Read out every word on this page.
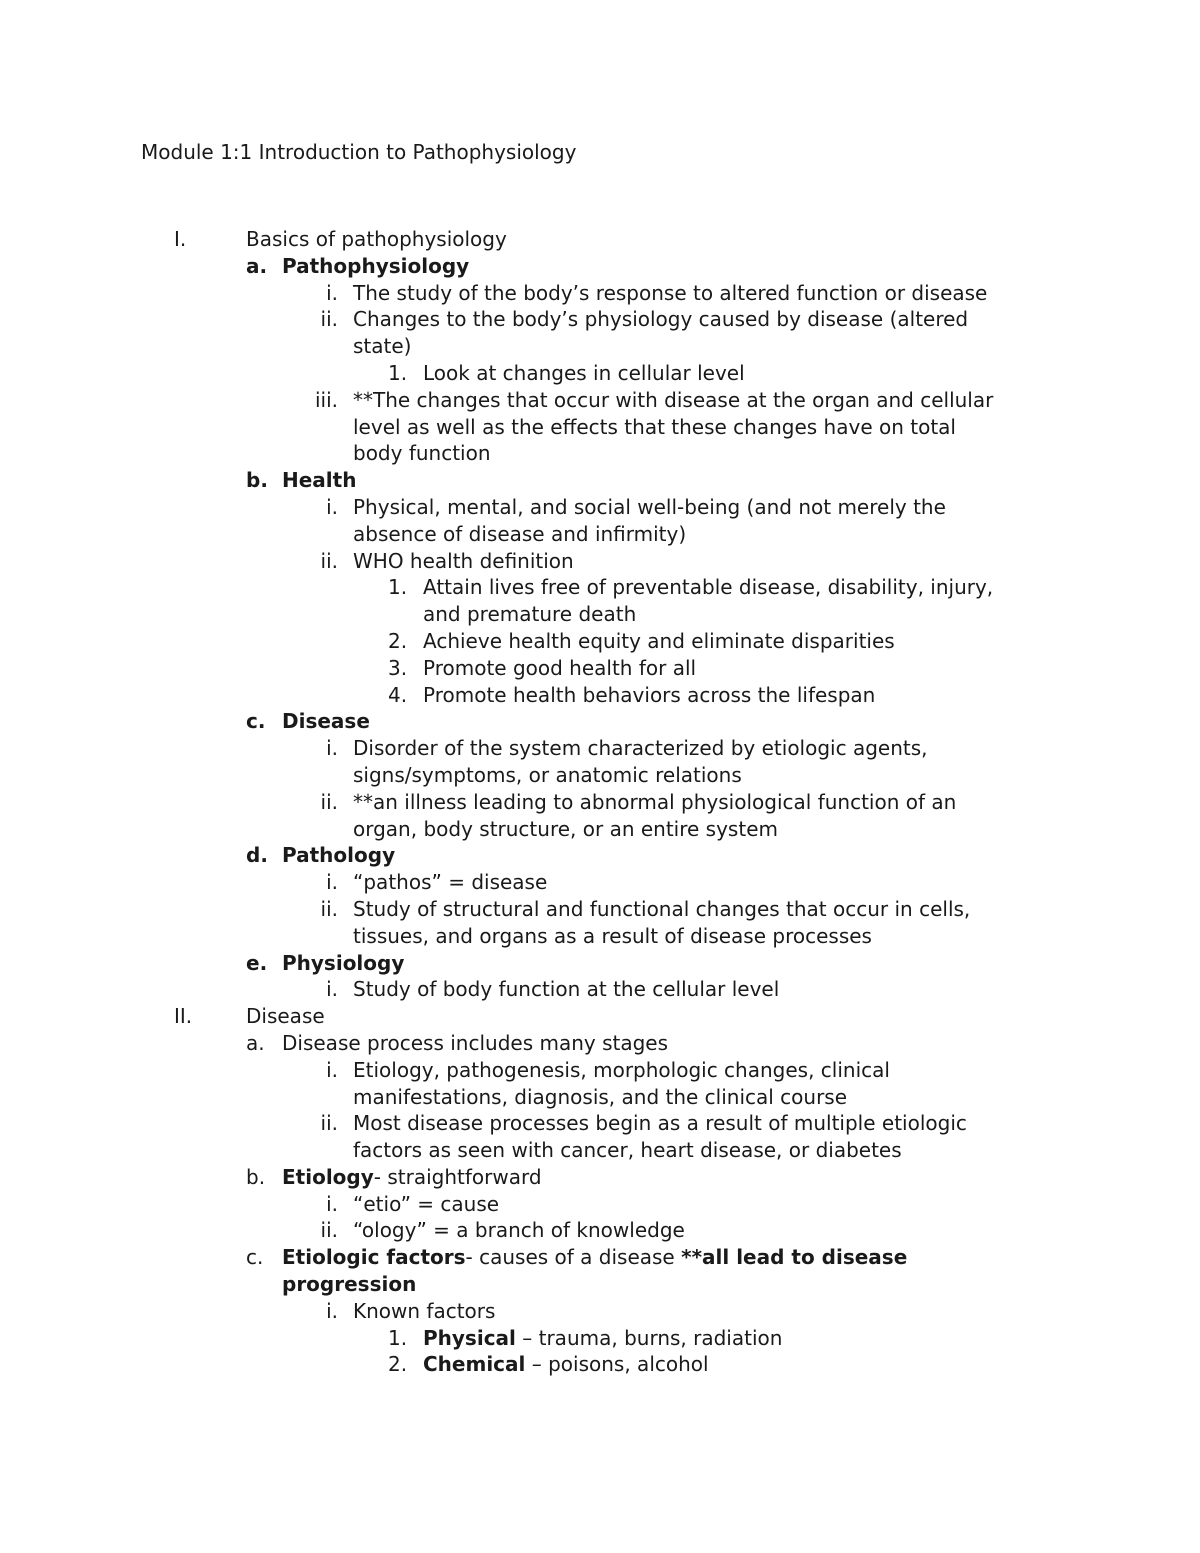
Module 1:1 Introduction to Pathophysiology
I.	Basics of pathophysiology
a. Pathophysiology
i. The study of the body’s response to altered function or disease
ii. Changes to the body’s physiology caused by disease (altered
state)
1. Look at changes in cellular level
iii. **The changes that occur with disease at the organ and cellular
level as well as the effects that these changes have on total
body function
b. Health
i. Physical, mental, and social well-being (and not merely the
absence of disease and infirmity)
ii. WHO health definition
1. Attain lives free of preventable disease, disability, injury,
and premature death
2. Achieve health equity and eliminate disparities
3. Promote good health for all
4. Promote health behaviors across the lifespan
c. Disease
i. Disorder of the system characterized by etiologic agents,
signs/symptoms, or anatomic relations
ii. **an illness leading to abnormal physiological function of an
organ, body structure, or an entire system
d. Pathology
i. “pathos” = disease
ii. Study of structural and functional changes that occur in cells,
tissues, and organs as a result of disease processes
e. Physiology
i. Study of body function at the cellular level
II.	Disease
a. Disease process includes many stages
i. Etiology, pathogenesis, morphologic changes, clinical
manifestations, diagnosis, and the clinical course
ii. Most disease processes begin as a result of multiple etiologic
factors as seen with cancer, heart disease, or diabetes
b. Etiology- straightforward
i. “etio” = cause
ii. “ology” = a branch of knowledge
c. Etiologic factors- causes of a disease **all lead to disease
progression
i. Known factors
1. Physical – trauma, burns, radiation
2. Chemical – poisons, alcohol
